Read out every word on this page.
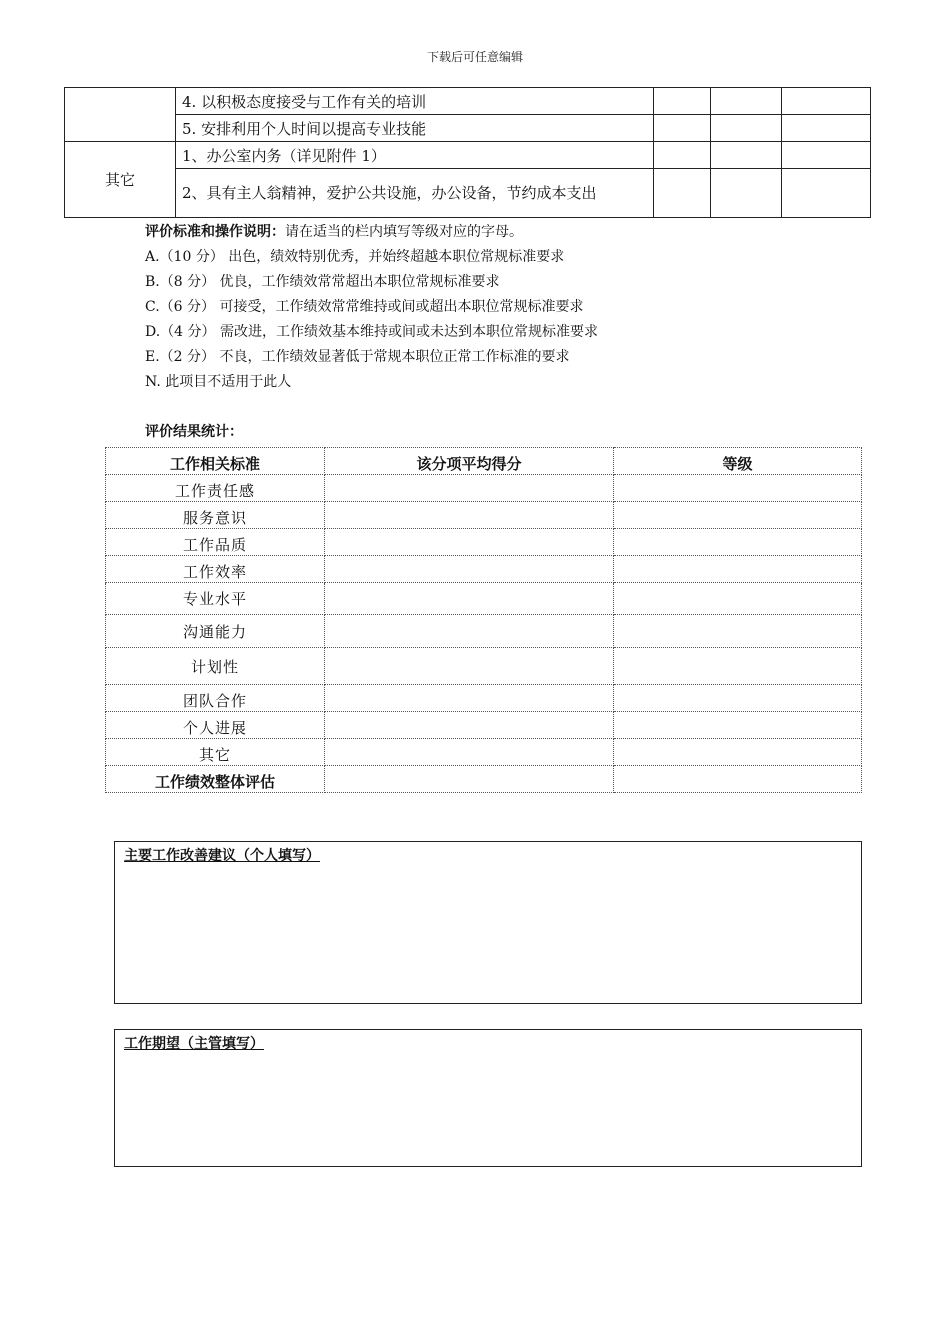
下载后可任意编辑
	4. 以积极态度接受与工作有关的培训			
	5. 安排利用个人时间以提高专业技能			
其它	1、办公室内务（详见附件 1）			
	2、具有主人翁精神，爱护公共设施，办公设备，节约成本支出			
评价标准和操作说明：请在适当的栏内填写等级对应的字母。
A.（10 分） 出色，绩效特别优秀，并始终超越本职位常规标准要求
B.（8 分） 优良，工作绩效常常超出本职位常规标准要求
C.（6 分） 可接受，工作绩效常常维持或间或超出本职位常规标准要求
D.（4 分） 需改进，工作绩效基本维持或间或未达到本职位常规标准要求
E.（2 分） 不良，工作绩效显著低于常规本职位正常工作标准的要求
N. 此项目不适用于此人
评价结果统计：
工作相关标准	该分项平均得分	等级
工作责任感		
服务意识		
工作品质		
工作效率		
专业水平		
沟通能力		
计划性		
团队合作		
个人进展		
其它		
工作绩效整体评估		
主要工作改善建议（个人填写）
工作期望（主管填写）
